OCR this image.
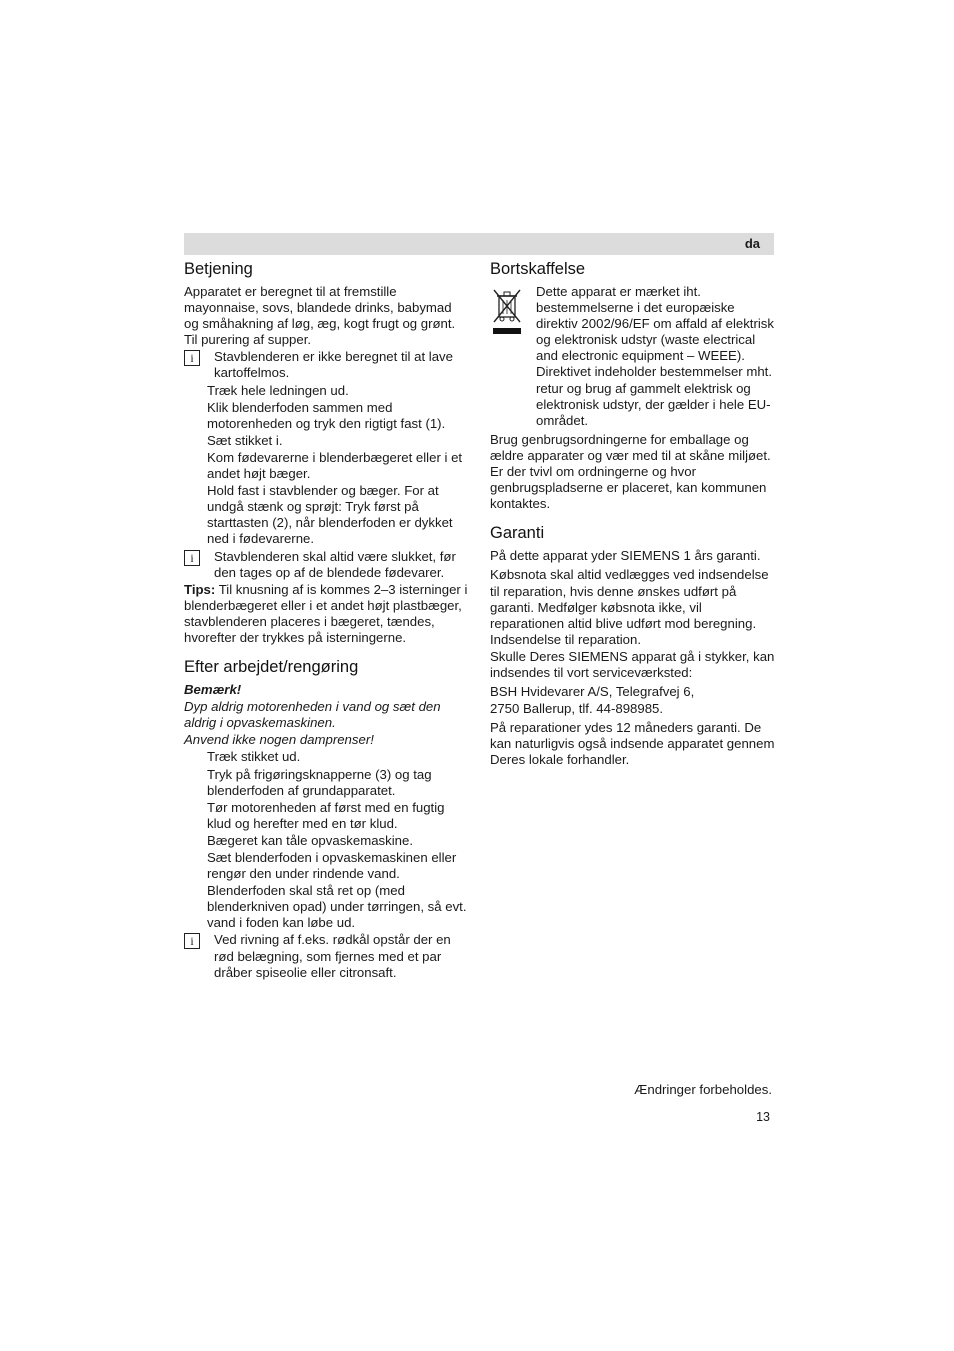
da
Betjening

Apparatet er beregnet til at fremstille mayonnaise, sovs, blandede drinks, babymad og småhakning af løg, æg, kogt frugt og grønt. Til purering af supper.

i	Stavblenderen er ikke beregnet til at lave kartoffelmos.

Træk hele ledningen ud.

Klik blenderfoden sammen med motorenheden og tryk den rigtigt fast (1).

Sæt stikket i.

Kom fødevarerne i blenderbægeret eller i et andet højt bæger.

Hold fast i stavblender og bæger. For at undgå stænk og sprøjt: Tryk først på starttasten (2), når blenderfoden er dykket ned i fødevarerne.

i	Stavblenderen skal altid være slukket, før den tages op af de blendede fødevarer.

Tips: Til knusning af is kommes 2–3 isterninger i blenderbægeret eller i et andet højt plastbæger, stavblenderen placeres i bægeret, tændes, hvorefter der trykkes på isterningerne.

Efter arbejdet/rengøring

Bemærk!

Dyp aldrig motorenheden i vand og sæt den aldrig i opvaskemaskinen.

Anvend ikke nogen damprenser!

Træk stikket ud.

Tryk på frigøringsknapperne (3) og tag blenderfoden af grundapparatet.

Tør motorenheden af først med en fugtig klud og herefter med en tør klud.

Bægeret kan tåle opvaskemaskine.

Sæt blenderfoden i opvaskemaskinen eller rengør den under rindende vand.

Blenderfoden skal stå ret op (med blenderkniven opad) under tørringen, så evt. vand i foden kan løbe ud.

i	Ved rivning af f.eks. rødkål opstår der en rød belægning, som fjernes med et par dråber spiseolie eller citronsaft.
Bortskaffelse
Dette apparat er mærket iht. bestemmelserne i det europæiske direktiv 2002/96/EF om affald af elektrisk og elektronisk udstyr (waste electrical and electronic equipment – WEEE). Direktivet indeholder bestemmelser mht. retur og brug af gammelt elektrisk og elektronisk udstyr, der gælder i hele EU-området.

Brug genbrugsordningerne for emballage og ældre apparater og vær med til at skåne miljøet. Er der tvivl om ordningerne og hvor genbrugspladserne er placeret, kan kommunen kontaktes.

Garanti

På dette apparat yder SIEMENS 1 års garanti.

Købsnota skal altid vedlægges ved indsendelse til reparation, hvis denne ønskes udført på garanti. Medfølger købsnota ikke, vil reparationen altid blive udført mod beregning. Indsendelse til reparation.

Skulle Deres SIEMENS apparat gå i stykker, kan indsendes til vort serviceværksted:

BSH Hvidevarer A/S, Telegrafvej 6,

2750 Ballerup, tlf. 44-898985.

På reparationer ydes 12 måneders garanti. De kan naturligvis også indsende apparatet gennem Deres lokale forhandler.

Ændringer forbeholdes.
13
